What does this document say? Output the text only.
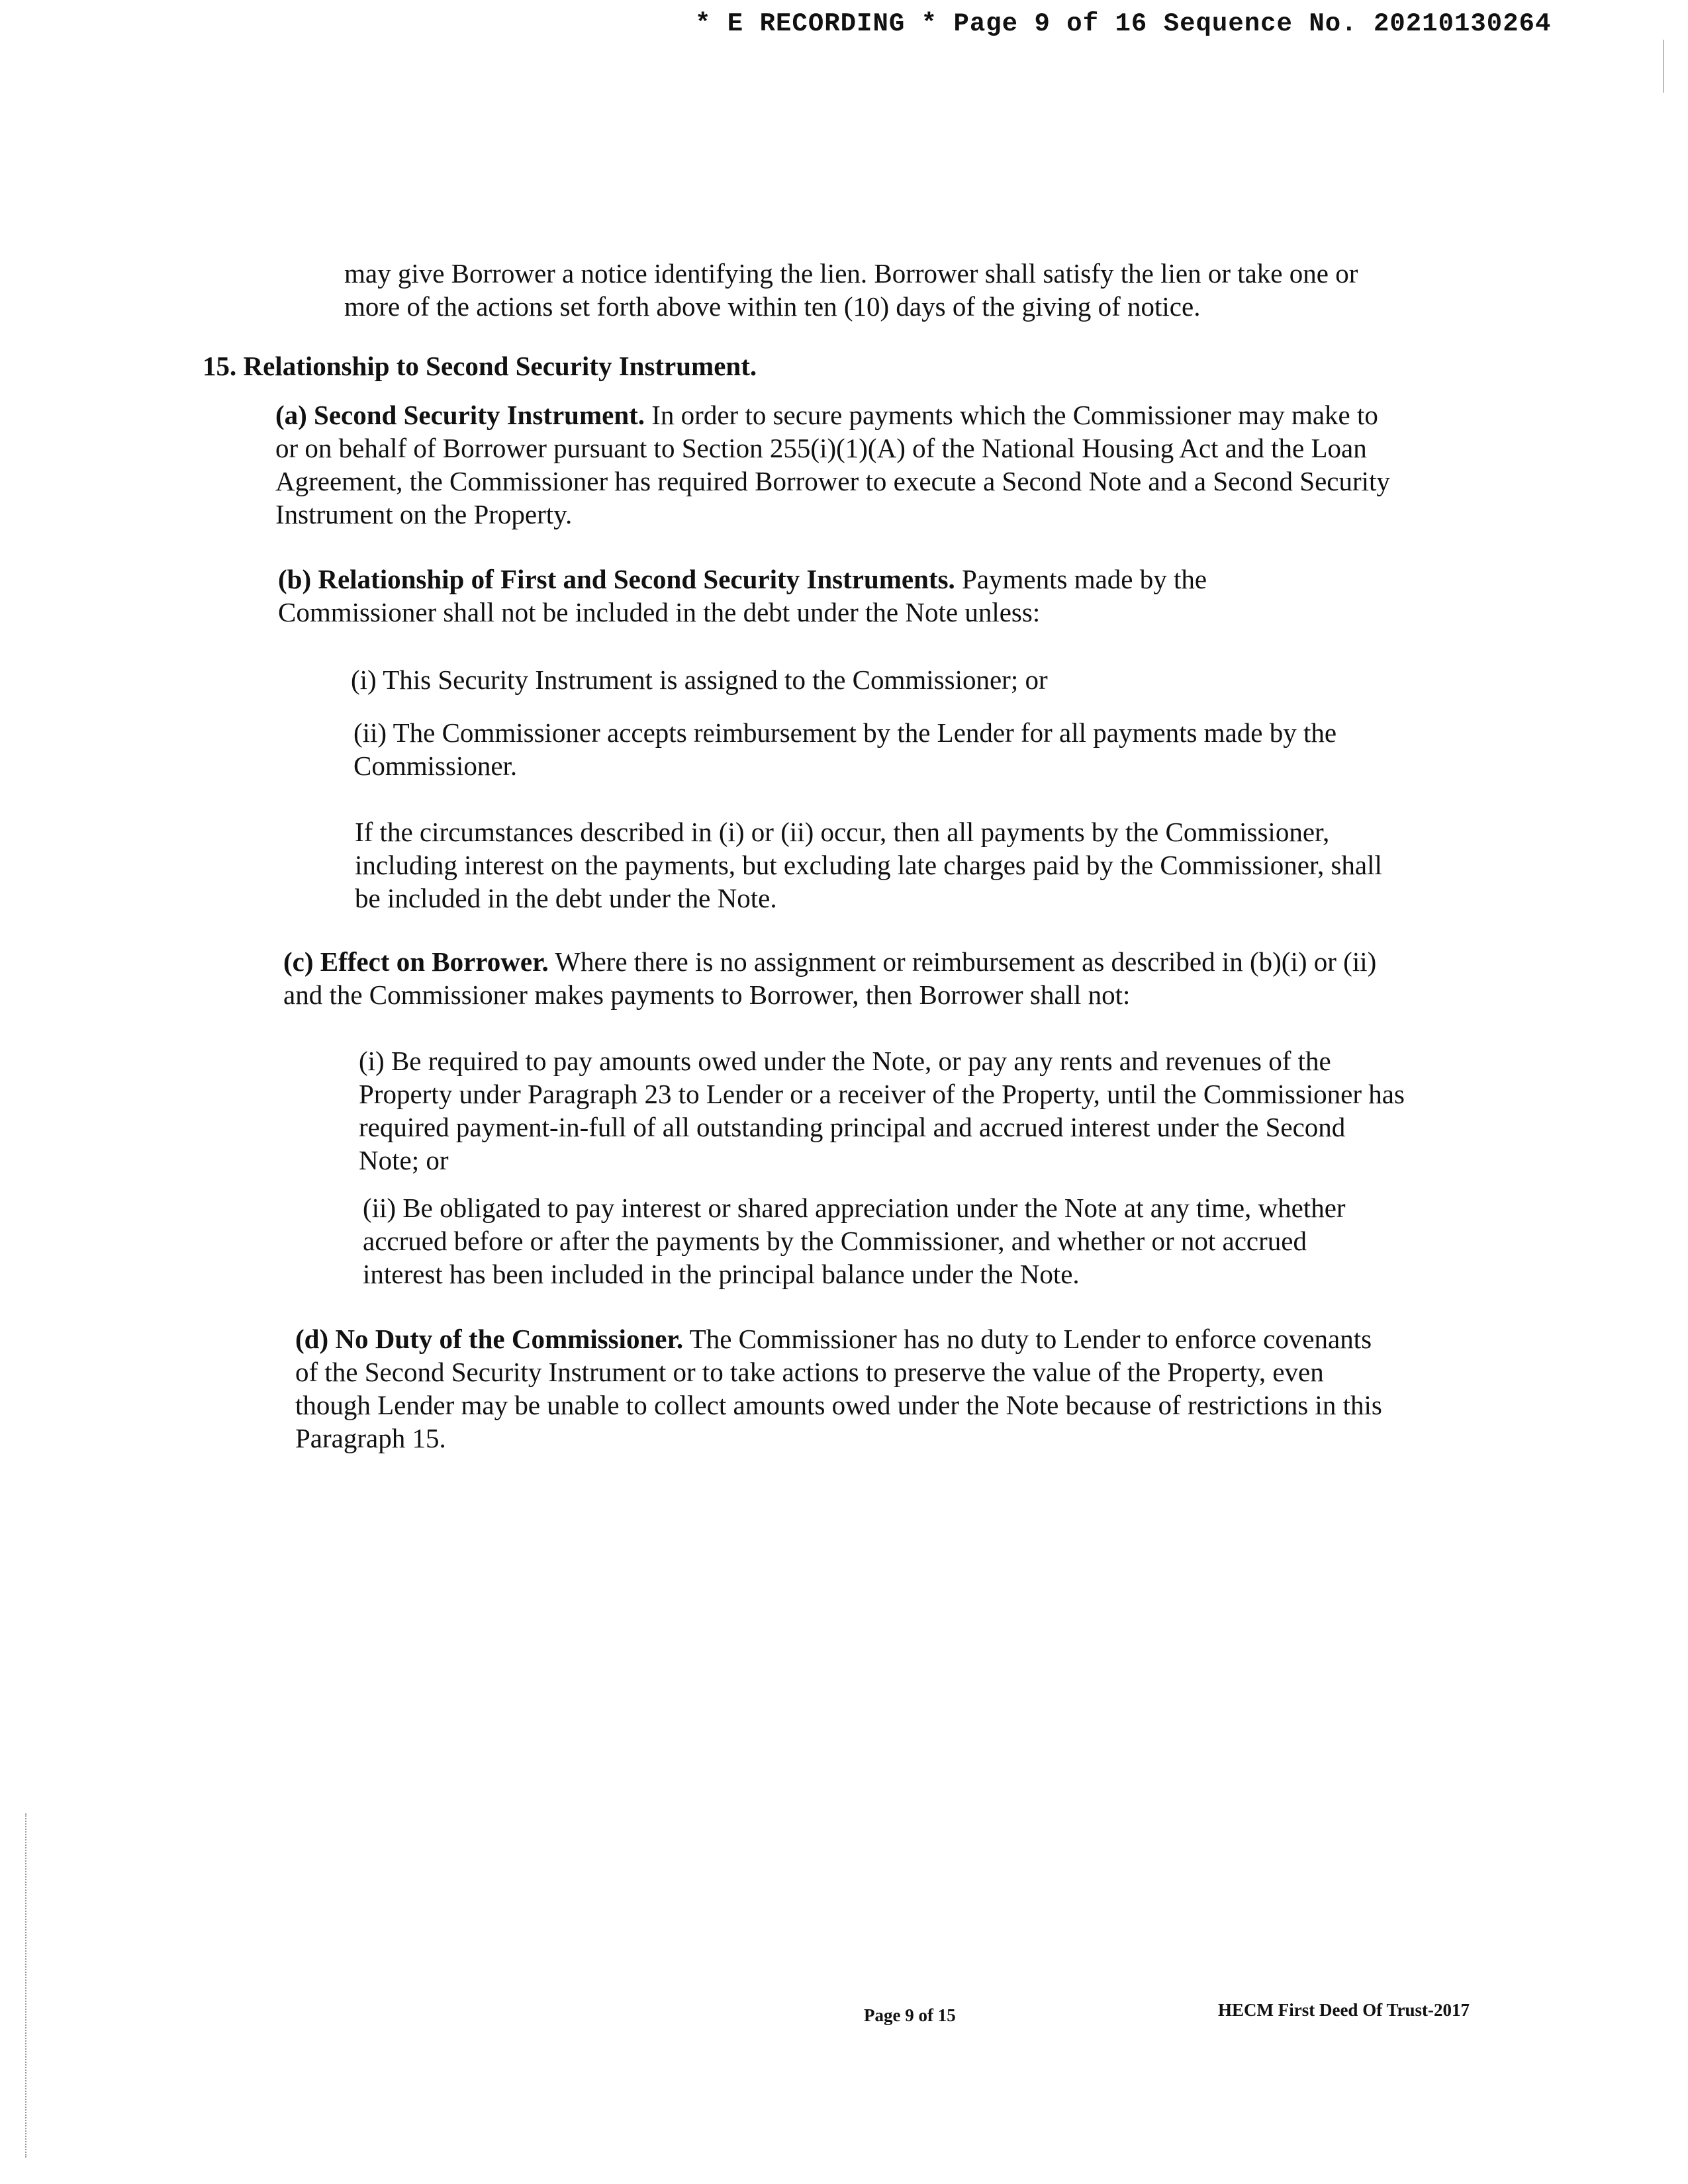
* E RECORDING * Page 9 of 16 Sequence No. 20210130264

may give Borrower a notice identifying the lien. Borrower shall satisfy the lien or take one or more of the actions set forth above within ten (10) days of the giving of notice.

15. Relationship to Second Security Instrument.

(a) Second Security Instrument. In order to secure payments which the Commissioner may make to or on behalf of Borrower pursuant to Section 255(i)(1)(A) of the National Housing Act and the Loan Agreement, the Commissioner has required Borrower to execute a Second Note and a Second Security Instrument on the Property.

(b) Relationship of First and Second Security Instruments. Payments made by the Commissioner shall not be included in the debt under the Note unless:

(i) This Security Instrument is assigned to the Commissioner; or

(ii) The Commissioner accepts reimbursement by the Lender for all payments made by the Commissioner.

If the circumstances described in (i) or (ii) occur, then all payments by the Commissioner, including interest on the payments, but excluding late charges paid by the Commissioner, shall be included in the debt under the Note.

(c) Effect on Borrower. Where there is no assignment or reimbursement as described in (b)(i) or (ii) and the Commissioner makes payments to Borrower, then Borrower shall not:

(i) Be required to pay amounts owed under the Note, or pay any rents and revenues of the Property under Paragraph 23 to Lender or a receiver of the Property, until the Commissioner has required payment-in-full of all outstanding principal and accrued interest under the Second Note; or

(ii) Be obligated to pay interest or shared appreciation under the Note at any time, whether accrued before or after the payments by the Commissioner, and whether or not accrued interest has been included in the principal balance under the Note.

(d) No Duty of the Commissioner. The Commissioner has no duty to Lender to enforce covenants of the Second Security Instrument or to take actions to preserve the value of the Property, even though Lender may be unable to collect amounts owed under the Note because of restrictions in this Paragraph 15.

Page 9 of 15	HECM First Deed Of Trust-2017
